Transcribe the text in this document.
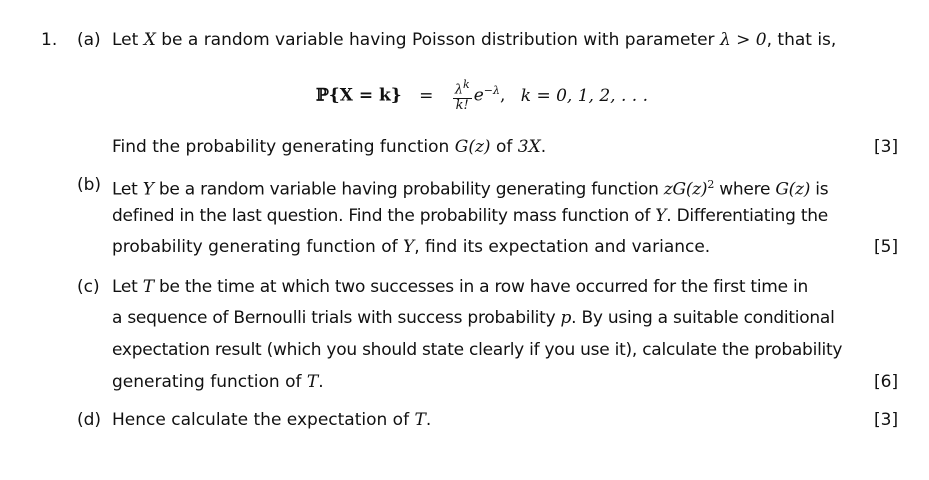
1. (a) Let X be a random variable having Poisson distribution with parameter λ > 0, that is,
ℙ{X = $k\} = \frac{\lambda^k}{k!} e^{-\lambda}$, k = 0, 1, 2, . . .
Find the probability generating function G(z) of 3X.	[3]
(b) Let Y be a random variable having probability generating function $zG(z)^2$ where G(z) is
defined in the last question. Find the probability mass function of Y. Differentiating the
probability generating function of Y, find its expectation and variance.	[5]
(c) Let T be the time at which two successes in a row have occurred for the first time in
a sequence of Bernoulli trials with success probability p. By using a suitable conditional
expectation result (which you should state clearly if you use it), calculate the probability
generating function of T.	[6]
(d) Hence calculate the expectation of T.	[3]
